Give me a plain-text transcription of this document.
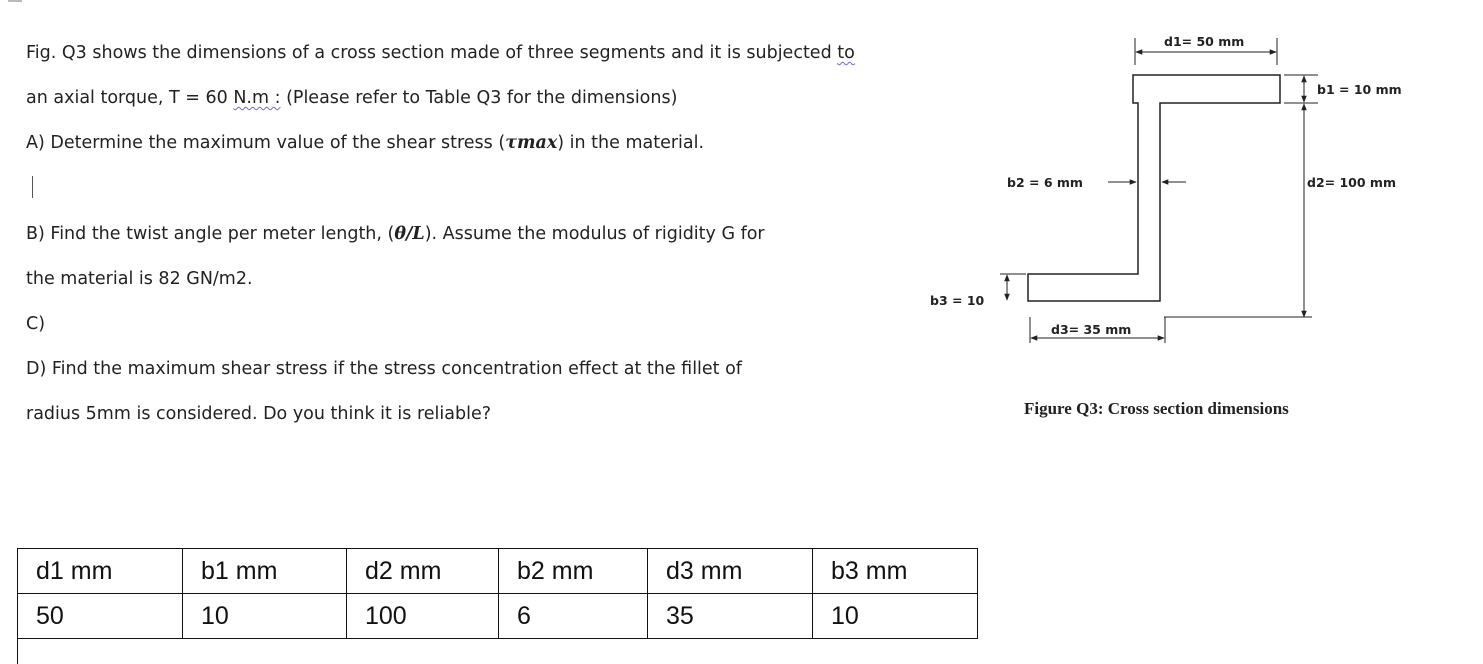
Fig. Q3 shows the dimensions of a cross section made of three segments and it is subjected to
an axial torque, T = 60 N.m : (Please refer to Table Q3 for the dimensions)
A) Determine the maximum value of the shear stress (τmax) in the material.
B) Find the twist angle per meter length, (θ/L). Assume the modulus of rigidity G for
the material is 82 GN/m2.
C)
D) Find the maximum shear stress if the stress concentration effect at the fillet of
radius 5mm is considered. Do you think it is reliable?
d1= 50 mm
b1 = 10 mm
b2 = 6 mm	d2= 100 mm
b3 = 10
d3= 35 mm
Figure Q3: Cross section dimensions
d1 mm	b1 mm	d2 mm	b2 mm	d3 mm	b3 mm
50	10	100	6	35	10
